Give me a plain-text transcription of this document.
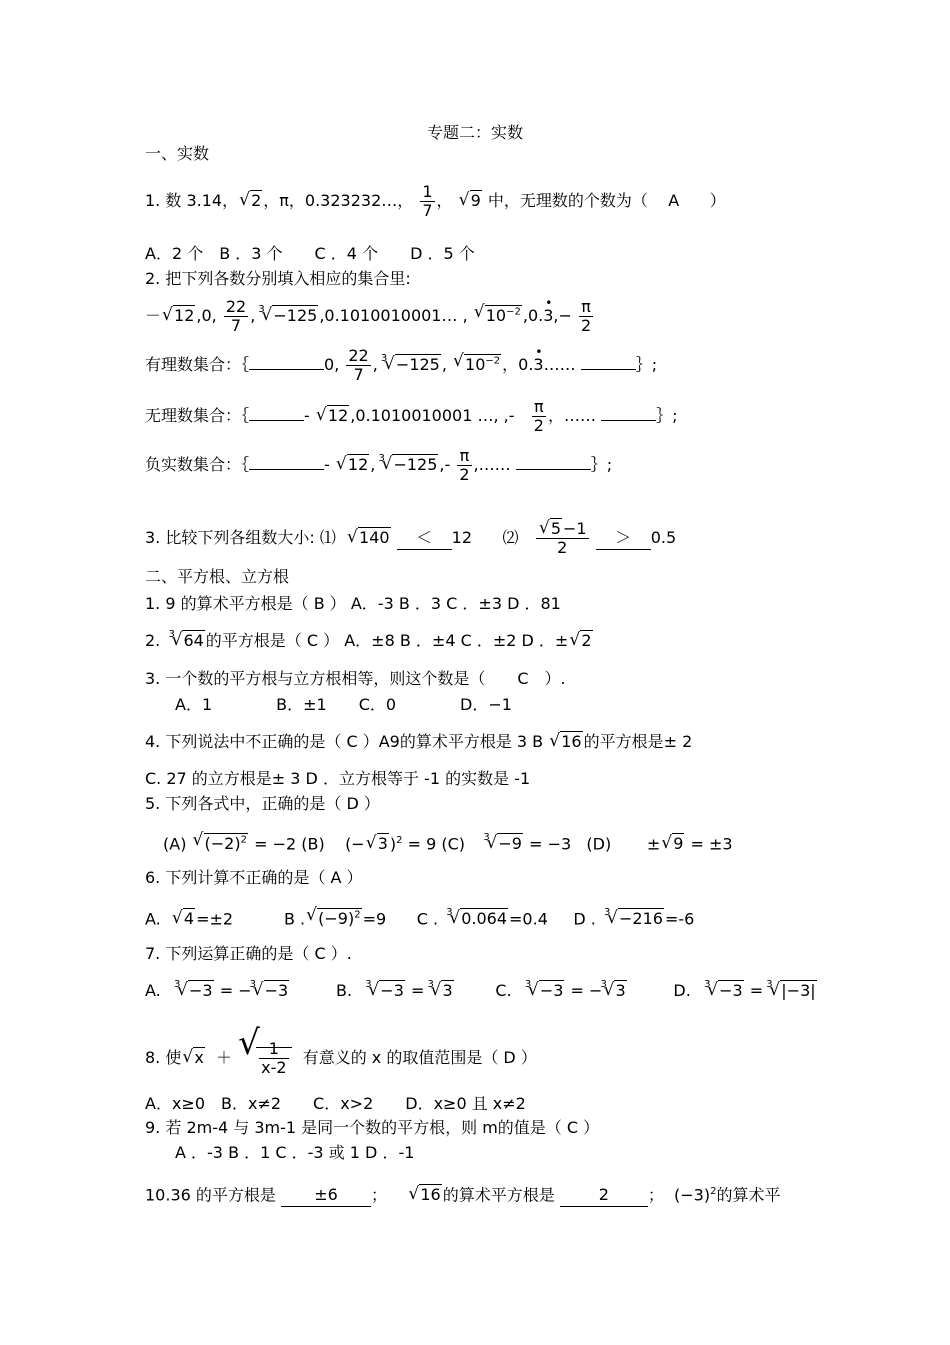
专题二：实数
一、实数
1. 数 3.14， √ 2 ，π，0.323232…， $\frac{1}{7}$ ， √ 9 中，无理数的个数为（ A ）
A．2 个　B ．3 个　　C ．4 个　　D ．5 个
2. 把下列各数分别填入相应的集合里:
－ √ 12 ,0, $\frac{22}{7}$ , √ 3 −125 ,0.1010010001… , √ $10^{-2}$ ,0.3 •,− $\frac{\pi}{2}$
有理数集合：｛	0, $\frac{22}{7}$ ,
√ 3 −125 , √ $10^{-2}$ ，0.3 •……	｝;
无理数集合：｛	- √ 12 ,0.1010010001 …, ,- $\frac{\pi}{2}$ ，……	｝;
负实数集合：｛	- √ 12 , √ 3 −125 ,- $\frac{\pi}{2}$ ,……	｝;
3. 比较下列各组数大小: ⑴ √ 140 ＜ 12 ⑵ √ $\frac{5 -1}{2} > 0.5$
二、平方根、立方根
1. 9 的算术平方根是（ B ） A．-3 B ．3 C ．±3 D ．81
2.
√ 3 64 的平方根是（ C ） A．±8 B ．±4 C ．±2 D ．± √ 2
3. 一个数的平方根与立方根相等，则这个数是（　　C　）.
A．1　　　　B．±1　　C．0　　　　D．−1
4. 下列说法中不正确的是（ C ）A9的算术平方根是 3 B √ 16 的平方根是± 2
C. 27 的立方根是± 3 D ．立方根等于 -1 的实数是 -1
5. 下列各式中，正确的是（ D ）
(A) √ $(-2)^2 = -2$ (B) (− √ 3 )$^2$ = 9 (C) √ 3 −9 = −3 (D) ± √ 9 = ±3
6. 下列计算不正确的是（ A ）
A. √ 4 =±2	B . √ $(-9)^2 =9$ C . √ 3 0.064 =0.4 D . √ 3 −216 =-6
7. 下列运算正确的是（ C ）.
A. √ 3 −3 = −
√ 3 −3	B. √ 3 −3 =
√ 3 3	C. √ 3 −3 = −
√ 3 3	D. √ 3 −3 =
√ 3 |−3|
8. 使 √ x ＋ √ $\frac{1}{x-2}$ 有意义的 x 的取值范围是（ D ）
A．x≥0　B．x≠2　　C．x>2　　D．x≥0 且 x≠2
9. 若 2m-4 与 3m-1 是同一个数的平方根，则 m的值是（ C ）
A ．-3 B ．1 C ．-3 或 1 D ．-1
10.36 的平方根是 ±6 ； √ 16 的算术平方根是	2 ； $(-3)^2$的算术平
